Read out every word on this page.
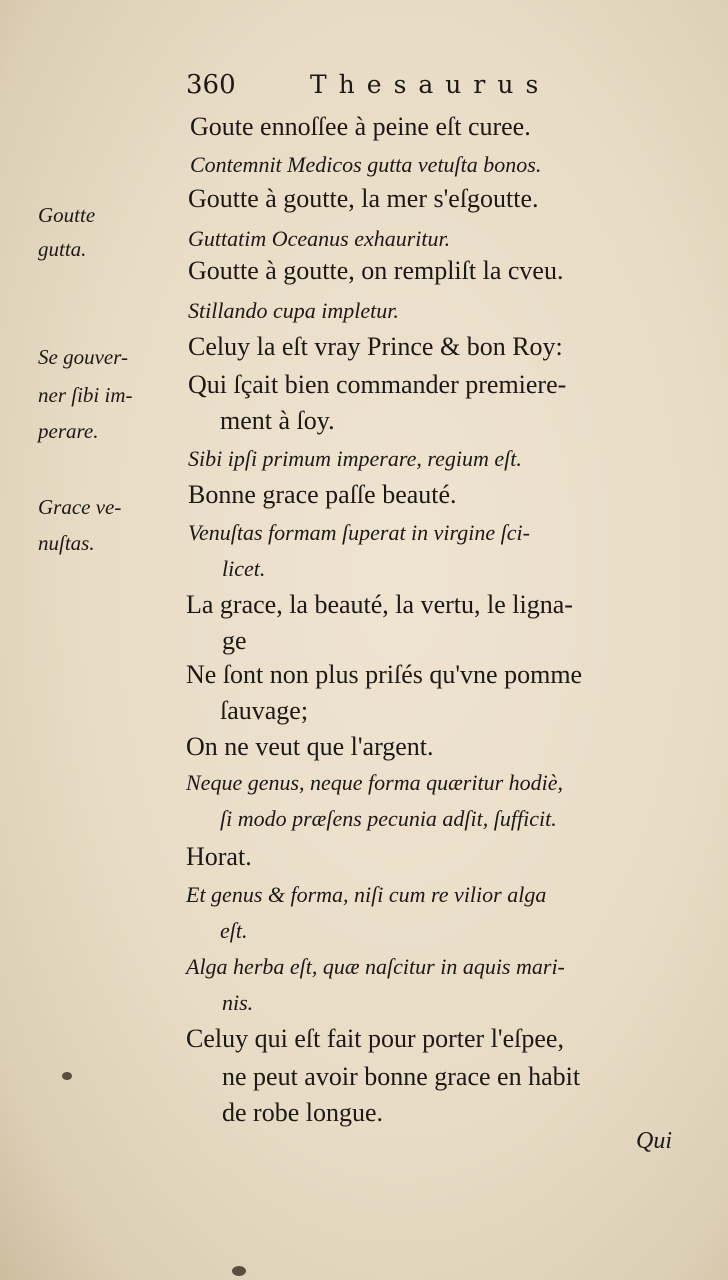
360	Thesaurus
Goutte
gutta.
Se gouver-
ner ſibi im-
perare.
Grace ve-
nuſtas.
Goute ennoſſee à peine eſt curee.
Contemnit Medicos gutta vetuſta bonos.
Goutte à goutte, la mer s'eſgoutte.
Guttatim Oceanus exhauritur.
Goutte à goutte, on rempliſt la cveu.
Stillando cupa impletur.
Celuy la eſt vray Prince & bon Roy:
Qui ſçait bien commander premiere-
ment à ſoy.
Sibi ipſi primum imperare, regium eſt.
Bonne grace paſſe beauté.
Venuſtas formam ſuperat in virgine ſci-
licet.
La grace, la beauté, la vertu, le ligna-
ge
Ne ſont non plus priſés qu'vne pomme
ſauvage;
On ne veut que l'argent.
Neque genus, neque forma quæritur hodiè,
ſi modo præſens pecunia adſit, ſufficit.
Horat.
Et genus & forma, niſi cum re vilior alga
eſt.
Alga herba eſt, quæ naſcitur in aquis mari-
nis.
Celuy qui eſt fait pour porter l'eſpee,
ne peut avoir bonne grace en habit
de robe longue.
Qui
